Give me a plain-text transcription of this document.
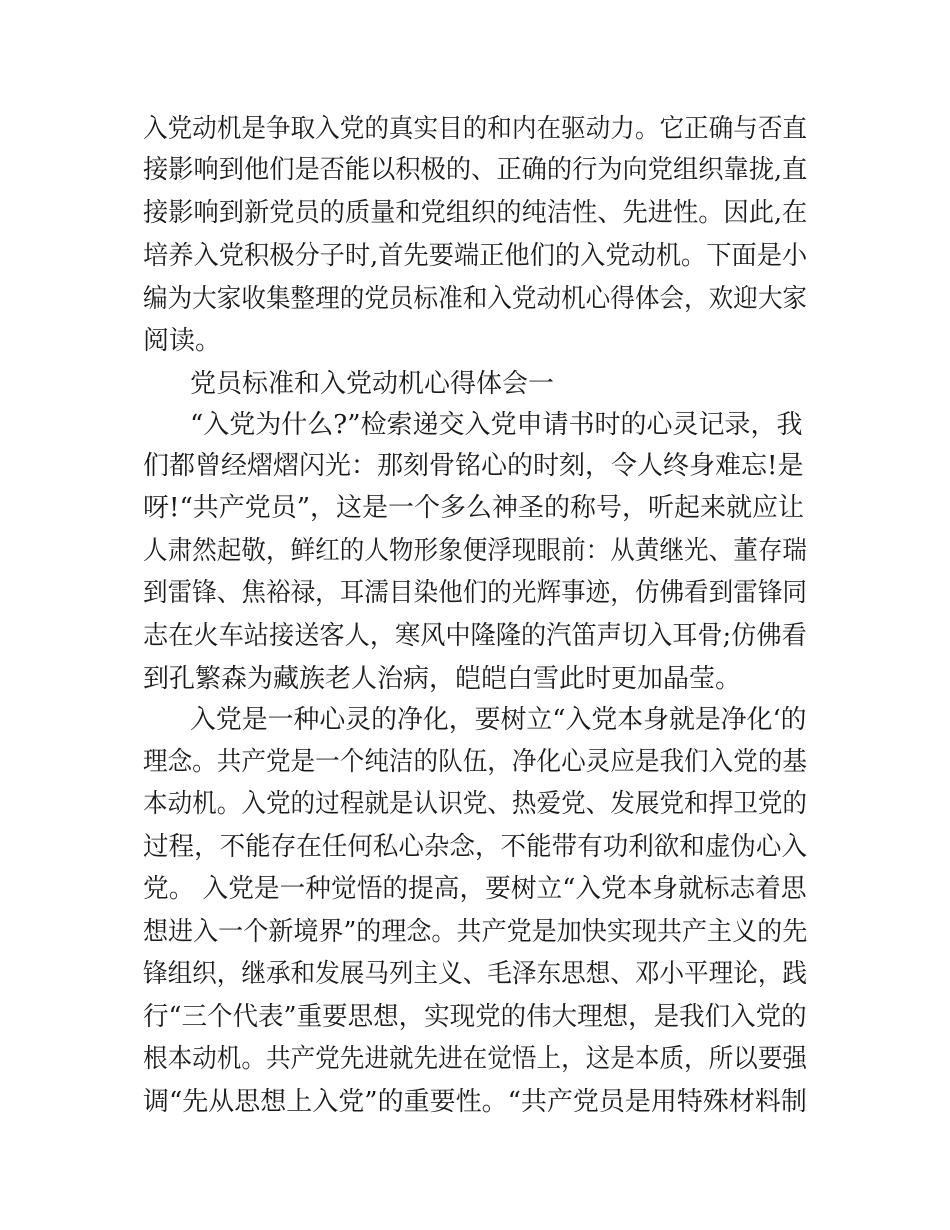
入党动机是争取入党的真实目的和内在驱动力。它正确与否直
接影响到他们是否能以积极的、正确的行为向党组织靠拢,直
接影响到新党员的质量和党组织的纯洁性、先进性。因此,在
培养入党积极分子时,首先要端正他们的入党动机。下面是小
编为大家收集整理的党员标准和入党动机心得体会，欢迎大家
阅读。
党员标准和入党动机心得体会一
“入党为什么?”检索递交入党申请书时的心灵记录，我
们都曾经熠熠闪光：那刻骨铭心的时刻，令人终身难忘!是
呀!“共产党员”，这是一个多么神圣的称号，听起来就应让
人肃然起敬，鲜红的人物形象便浮现眼前：从黄继光、董存瑞
到雷锋、焦裕禄，耳濡目染他们的光辉事迹，仿佛看到雷锋同
志在火车站接送客人，寒风中隆隆的汽笛声切入耳骨;仿佛看
到孔繁森为藏族老人治病，皑皑白雪此时更加晶莹。
入党是一种心灵的净化，要树立“入党本身就是净化‘的
理念。共产党是一个纯洁的队伍，净化心灵应是我们入党的基
本动机。入党的过程就是认识党、热爱党、发展党和捍卫党的
过程，不能存在任何私心杂念，不能带有功利欲和虚伪心入
党。 入党是一种觉悟的提高，要树立“入党本身就标志着思
想进入一个新境界”的理念。共产党是加快实现共产主义的先
锋组织，继承和发展马列主义、毛泽东思想、邓小平理论，践
行“三个代表”重要思想，实现党的伟大理想，是我们入党的
根本动机。共产党先进就先进在觉悟上，这是本质，所以要强
调“先从思想上入党”的重要性。“共产党员是用特殊材料制
